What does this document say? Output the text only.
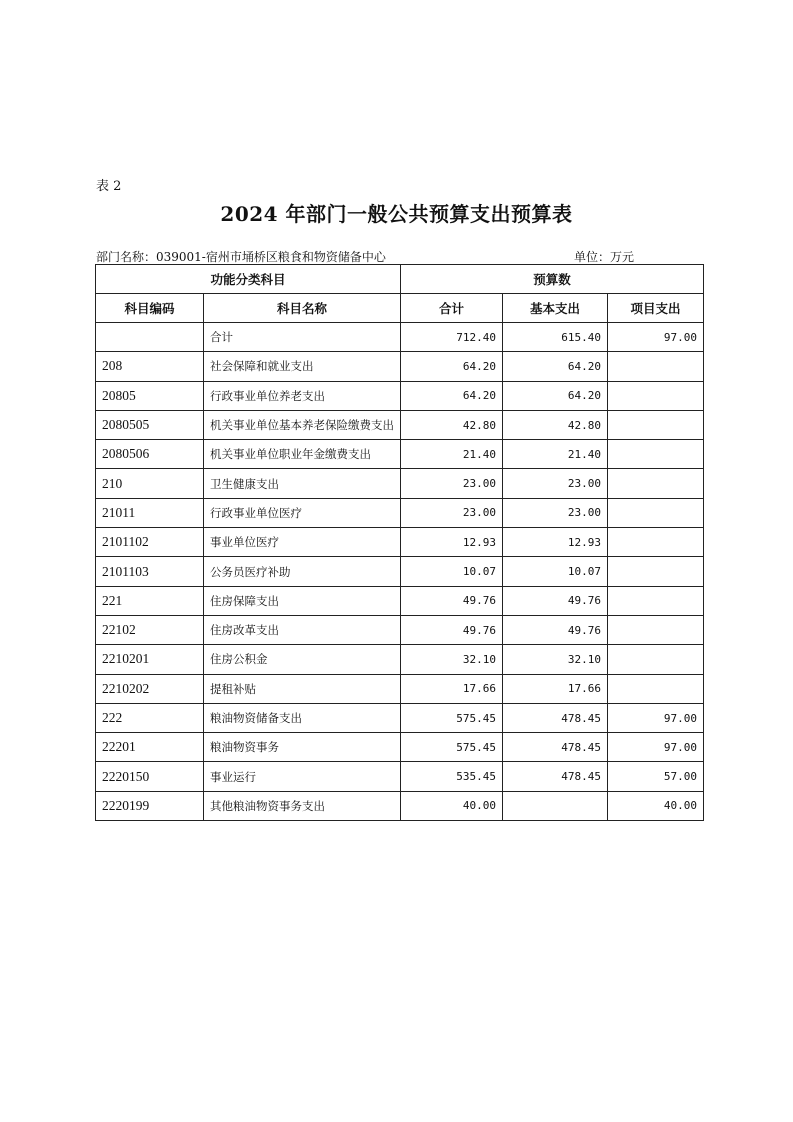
表 2
2024 年部门一般公共预算支出预算表
部门名称：039001-宿州市埇桥区粮食和物资储备中心	单位：万元
功能分类科目		预算数		
科目编码	科目名称	合计	基本支出	项目支出
	合计	712.40	615.40	97.00
208	社会保障和就业支出	64.20	64.20	
20805	行政事业单位养老支出	64.20	64.20	
2080505	机关事业单位基本养老保险缴费支出	42.80	42.80	
2080506	机关事业单位职业年金缴费支出	21.40	21.40	
210	卫生健康支出	23.00	23.00	
21011	行政事业单位医疗	23.00	23.00	
2101102	事业单位医疗	12.93	12.93	
2101103	公务员医疗补助	10.07	10.07	
221	住房保障支出	49.76	49.76	
22102	住房改革支出	49.76	49.76	
2210201	住房公积金	32.10	32.10	
2210202	提租补贴	17.66	17.66	
222	粮油物资储备支出	575.45	478.45	97.00
22201	粮油物资事务	575.45	478.45	97.00
2220150	事业运行	535.45	478.45	57.00
2220199	其他粮油物资事务支出	40.00		40.00
